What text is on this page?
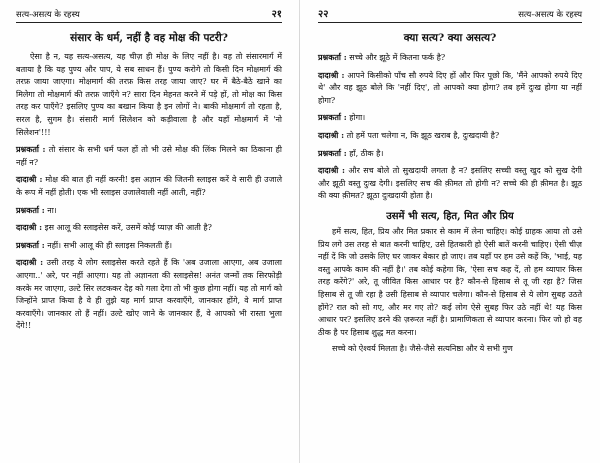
सत्य-असत्य के रहस्य	२१
संसार के धर्म, नहीं है वह मोक्ष की पटरी?

ऐसा है न, यह सत्य-असत्य, यह चीज़ ही मोक्ष के लिए नहीं है। वह तो संसारमार्ग में बताया है कि यह पुण्य और पाप, ये सब साधन हैं। पुण्य करोगे तो किसी दिन मोक्षमार्ग की तरफ़ जाया जाएगा। मोक्षमार्ग की तरफ़ किस तरह जाया जाए? घर में बैठे-बैठे खाने का मिलेगा तो मोक्षमार्ग की तरफ़ जाएँगे न? सारा दिन मेहनत करने में पड़े हों, तो मोक्ष का किस तरह कर पाएँगे? इसलिए पुण्य का बखान किया है इन लोगों ने। बाकी मोक्षमार्ग तो रहता है, सरल है, सुगम है। संसारी मार्ग सिलेशन को कड़ीवाला है और यहाँ मोक्षमार्ग में 'नो सिलेशन'!!!

प्रश्नकर्ता : तो संसार के सभी धर्म फल हों तो भी उसे मोक्ष की लिंक मिलने का ठिकाना ही नहीं न?

दादाश्री : मोक्ष की बात ही नहीं करनी! इस अज्ञान की जितनी स्लाइस करें वे सारी ही उजाले के रूप में नहीं होती। एक भी स्लाइस उजालेवाली नहीं आती, नहीं?

प्रश्नकर्ता : ना।

दादाश्री : इस आलू की स्लाइसेस करें, उसमें कोई प्याज़ की आती है?

प्रश्नकर्ता : नहीं। सभी आलू की ही स्लाइस निकलती हैं।

दादाश्री : उसी तरह ये लोग स्लाइसेस करते रहते हैं कि 'अब उजाला आएगा, अब उजाला आएगा..' अरे, पर नहीं आएगा। यह तो अज्ञानता की स्लाइसेस! अनंत जन्मों तक सिरफोड़ी करके मर जाएगा, उल्टे सिर लटककर देह को गला देगा तो भी कुछ होगा नहीं। यह तो मार्ग को जिन्होंने प्राप्त किया है वे ही तुझे यह मार्ग प्राप्त करवाएँगे, जानकार होंगे, वे मार्ग प्राप्त करवाएँगे। जानकार तो हैं नहीं। उल्टे खोए जाने के जानकार हैं, वे आपको भी रास्ता भुला देंगे!!

२२	सत्य-असत्य के रहस्य
क्या सत्य? क्या असत्य?

प्रश्नकर्ता : सच्चे और झूठे में कितना फर्क है?

दादाश्री : आपने किसीको पाँच सौ रुपये दिए हों और फिर पूछो कि, 'मैंने आपको रुपये दिए थे' और वह झूठ बोले कि 'नहीं दिए', तो आपको क्या होगा? तब हमें दुःख होगा या नहीं होगा?

प्रश्नकर्ता : होगा।

दादाश्री : तो हमें पता चलेगा न, कि झूठ खराब है, दुःखदायी है?

प्रश्नकर्ता : हाँ, ठीक है।

दादाश्री : और सच बोले तो सुखदायी लगता है न? इसलिए सच्ची वस्तु खुद को सुख देगी और झूठी वस्तु दुःख देगी। इसलिए सच की क़ीमत तो होगी न? सच्चे की ही क़ीमत है। झूठ की क्या क़ीमत? झूठा दुःखदायी होता है।

उसमें भी सत्य, हित, मित और प्रिय

हमें सत्य, हित, प्रिय और मित प्रकार से काम में लेना चाहिए। कोई ग्राहक आया तो उसे प्रिय लगे उस तरह से बात करनी चाहिए, उसे हितकारी हो ऐसी बातें करनी चाहिए। ऐसी चीज़ नहीं दें कि जो उसके लिए घर जाकर बेकार हो जाए। तब यहाँ पर हम उसे कहें कि, 'भाई, यह वस्तु आपके काम की नहीं है।' तब कोई कहेगा कि, 'ऐसा सच कह दें, तो हम व्यापार किस तरह करेंगे?' अरे, तू जीवित किस आधार पर है? कौन-से हिसाब से तू जी रहा है? जिस हिसाब से तू जी रहा है उसी हिसाब से व्यापार चलेगा। कौन-से हिसाब से ये लोग सुबह उठते होंगे? रात को सो गए, और मर गए तो? कई लोग ऐसे सुबह फिर उठे नहीं थे! यह किस आधार पर? इसलिए डरने की ज़रूरत नहीं है। प्रामाणिकता से व्यापार करना। फिर जो हो वह ठीक है पर हिसाब शुद्ध मत करना।

सच्चे को ऐश्वर्य मिलता है। जैसे-जैसे सत्यनिष्ठा और ये सभी गुण
